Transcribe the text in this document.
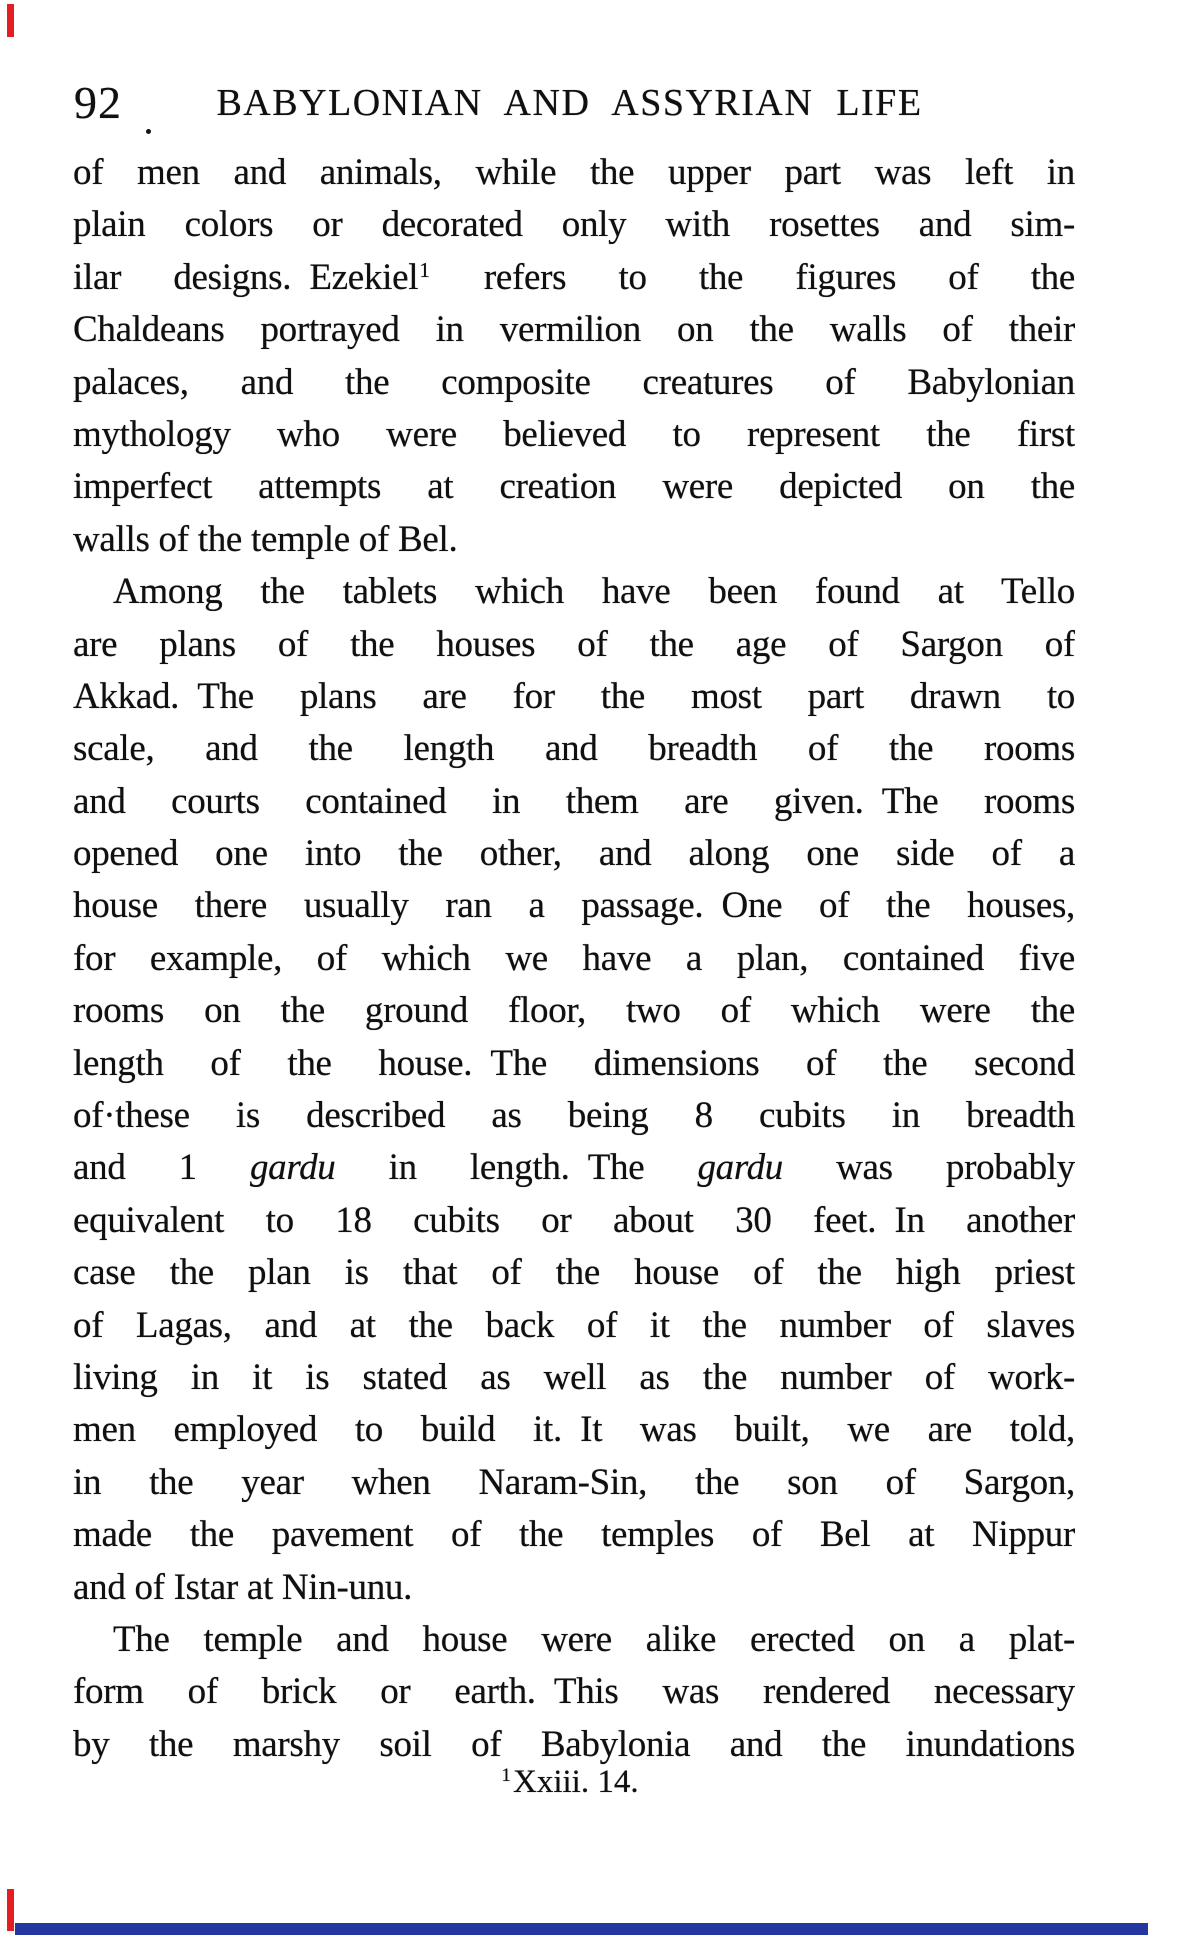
92	BABYLONIAN AND ASSYRIAN LIFE
of men and animals, while the upper part was left in
plain colors or decorated only with rosettes and sim-
ilar designs. Ezekiel$^1$ refers to the figures of the
Chaldeans portrayed in vermilion on the walls of their
palaces, and the composite creatures of Babylonian
mythology who were believed to represent the first
imperfect attempts at creation were depicted on the
walls of the temple of Bel.
Among the tablets which have been found at Tello
are plans of the houses of the age of Sargon of
Akkad. The plans are for the most part drawn to
scale, and the length and breadth of the rooms
and courts contained in them are given. The rooms
opened one into the other, and along one side of a
house there usually ran a passage. One of the houses,
for example, of which we have a plan, contained five
rooms on the ground floor, two of which were the
length of the house. The dimensions of the second
of·these is described as being 8 cubits in breadth
and 1 gardu in length. The gardu was probably
equivalent to 18 cubits or about 30 feet. In another
case the plan is that of the house of the high priest
of Lagas, and at the back of it the number of slaves
living in it is stated as well as the number of work-
men employed to build it. It was built, we are told,
in the year when Naram-Sin, the son of Sargon,
made the pavement of the temples of Bel at Nippur
and of Istar at Nin-unu.
The temple and house were alike erected on a plat-
form of brick or earth. This was rendered necessary
by the marshy soil of Babylonia and the inundations
$^1$Xxiii. 14.
